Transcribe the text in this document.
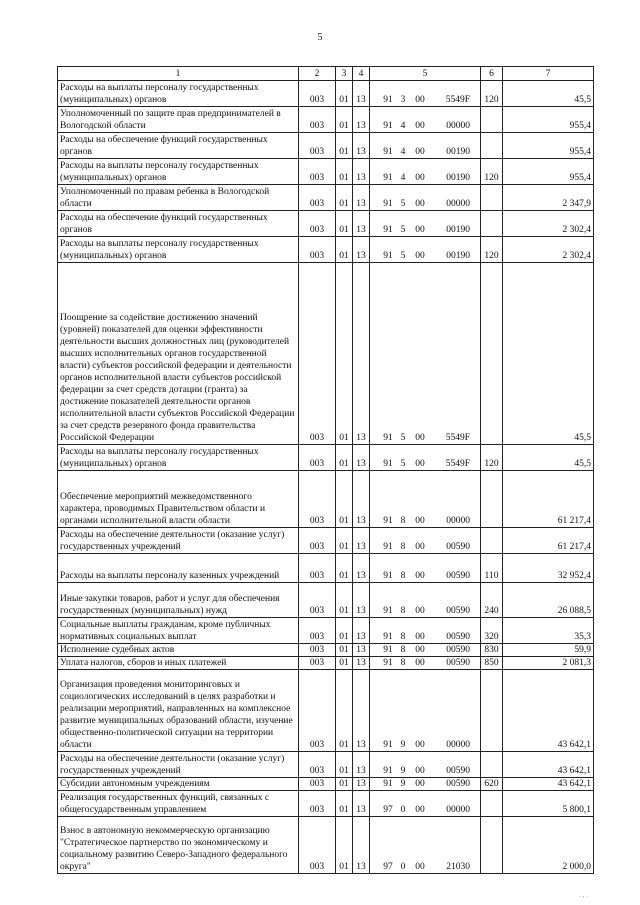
5
1	2	3	4	5	6	7
Расходы на выплаты персоналу государственных (муниципальных) органов	003	01	13	91 3 00 5549F	120	45,5
Уполномоченный по защите прав предпринимателей в Вологодской области	003	01	13	91 4 00 00000		955,4
Расходы на обеспечение функций государственных органов	003	01	13	91 4 00 00190		955,4
Расходы на выплаты персоналу государственных (муниципальных) органов	003	01	13	91 4 00 00190	120	955,4
Уполномоченный по правам ребенка в Вологодской области	003	01	13	91 5 00 00000		2 347,9
Расходы на обеспечение функций государственных органов	003	01	13	91 5 00 00190		2 302,4
Расходы на выплаты персоналу государственных (муниципальных) органов	003	01	13	91 5 00 00190	120	2 302,4
Поощрение за содействие достижению значений (уровней) показателей для оценки эффективности деятельности высших должностных лиц (руководителей высших исполнительных органов государственной власти) субъектов российской федерации и деятельности органов исполнительной власти субъектов российской федерации за счет средств дотации (гранта) за достижение показателей деятельности органов исполнительной власти субъектов Российской Федерации за счет средств резервного фонда правительства Российской Федерации	003	01	13	91 5 00 5549F		45,5
Расходы на выплаты персоналу государственных (муниципальных) органов	003	01	13	91 5 00 5549F	120	45,5
Обеспечение мероприятий межведомственного характера, проводимых Правительством области и органами исполнительной власти области	003	01	13	91 8 00 00000		61 217,4
Расходы на обеспечение деятельности (оказание услуг) государственных учреждений	003	01	13	91 8 00 00590		61 217,4
Расходы на выплаты персоналу казенных учреждений	003	01	13	91 8 00 00590	110	32 952,4
Иные закупки товаров, работ и услуг для обеспечения государственных (муниципальных) нужд	003	01	13	91 8 00 00590	240	26 088,5
Социальные выплаты гражданам, кроме публичных нормативных социальных выплат	003	01	13	91 8 00 00590	320	35,3
Исполнение судебных актов	003	01	13	91 8 00 00590	830	59,9
Уплата налогов, сборов и иных платежей	003	01	13	91 8 00 00590	850	2 081,3
Организация проведения мониторинговых и социологических исследований в целях разработки и реализации мероприятий, направленных на комплексное развитие муниципальных образований области, изучение общественно-политической ситуации на территории области	003	01	13	91 9 00 00000		43 642,1
Расходы на обеспечение деятельности (оказание услуг) государственных учреждений	003	01	13	91 9 00 00590		43 642,1
Субсидии автономным учреждениям	003	01	13	91 9 00 00590	620	43 642,1
Реализация государственных функций, связанных с общегосударственным управлением	003	01	13	97 0 00 00000		5 800,1
Взнос в автономную некоммерческую организацию "Стратегическое партнерство по экономическому и социальному развитию Северо-Западного федерального округа"	003	01	13	97 0 00 21030		2 000,0
. , .
